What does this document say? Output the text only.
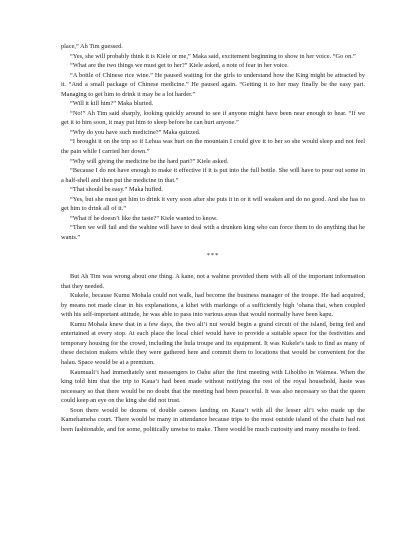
place,” Ah Tim guessed.

“Yes, she will probably think it is Kiele or me,” Maka said, excitement beginning to show in her voice. “Go on.”

“What are the two things we must get to her?” Kiele asked, a note of fear in her voice.

“A bottle of Chinese rice wine.” He paused waiting for the girls to understand how the King might be attracted by it. “And a small package of Chinese medicine.” He paused again. “Getting it to her may finally be the easy part. Managing to get him to drink it may be a lot harder.”

“Will it kill him?” Maka blurted.

“No!” Ah Tim said sharply, looking quickly around to see if anyone might have been near enough to hear. “If we get it to him soon, it may put him to sleep before he can hurt anyone.”

“Why do you have such medicine?” Maka quizzed.

“I brought it on the trip so if Lehua was hurt on the mountain I could give it to her so she would sleep and not feel the pain while I carried her down.”

“Why will giving the medicine be the hard part?” Kiele asked.

“Because I do not have enough to make it effective if it is put into the full bottle. She will have to pour out some in a half-shell and then put the medicine in that.”

“That should be easy.” Maka huffed.

“Yes, but she must get him to drink it very soon after she puts it in or it will weaken and do no good. And she has to get him to drink all of it.”

“What if he doesn’t like the taste?” Kiele wanted to know.

“Then we will fail and the wahine will have to deal with a drunken king who can force them to do anything that he wants.”

***

But Ah Tim was wrong about one thing. A kane, not a wahine provided them with all of the important information that they needed.

Kukele, because Kumu Mohala could not walk, had become the business manager of the troupe. He had acquired, by means not made clear in his explanations, a kihei with markings of a sufficiently high ‘ohana that, when coupled with his self-important attitude, he was able to pass into various areas that would normally have been kapu.

Kumu Mohala knew that in a few days, the two ali‘i nui would begin a grand circuit of the island, being fed and entertained at every stop. At each place the local chief would have to provide a suitable space for the festivities and temporary housing for the crowd, including the hula troupe and its equipment. It was Kukele’s task to find as many of these decision makers while they were gathered here and commit them to locations that would be convenient for the halau. Space would be at a premium.

Kaumuali‘i had immediately sent messengers to Oahu after the first meeting with Liholiho in Waimea. When the king told him that the trip to Kaua‘i had been made without notifying the rest of the royal household, haste was necessary so that there would be no doubt that the meeting had been peaceful. It was also necessary so that the queen could keep an eye on the king she did not trust.

Soon there would be dozens of double canoes landing on Kaua‘i with all the lesser ali‘i who made up the Kamehameha court. There would be many in attendance because trips to the most outside island of the chain had not been fashionable, and for some, politically unwise to make. There would be much curiosity and many mouths to feed.
